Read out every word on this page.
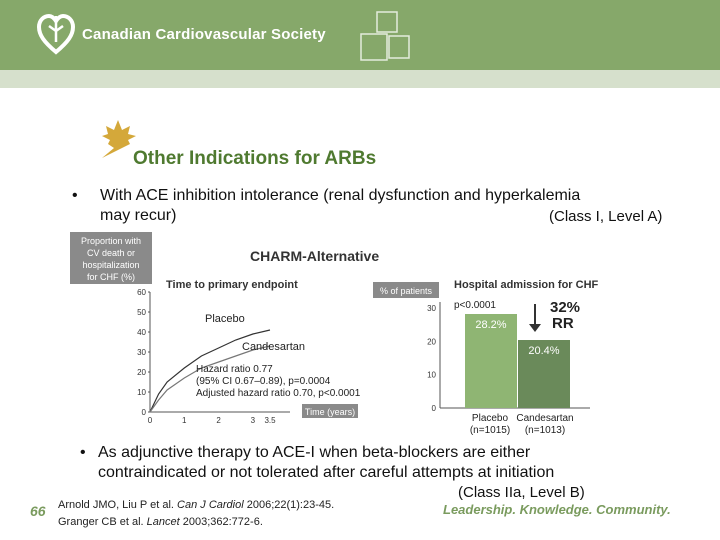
Canadian Cardiovascular Society
Other Indications for ARBs
• With ACE inhibition intolerance (renal dysfunction and hyperkalemia
may recur)	(Class I, Level A)
Proportion with
CV death or
hospitalization
for CHF (%)
Time to primary endpoint
0
10
20
30
40
50
60
0	1	2	3 3.5
Placebo
Candesartan
Hazard ratio 0.77
(95% CI 0.67–0.89), p=0.0004
Adjusted hazard ratio 0.70, p<0.0001
Time (years)
% of patients Hospital admission for CHF
0
10
20
30
28.2%
20.4%
p<0.0001	32%
RR
Placebo Candesartan
(n=1015) (n=1013)
CHARM-Alternative
• As adjunctive therapy to ACE-I when beta-blockers are either
contraindicated or not tolerated after careful attempts at initiation
(Class IIa, Level B)
66 Arnold JMO, Liu P et al. Can J Cardiol 2006;22(1):23-45.
Granger CB et al. Lancet 2003;362:772-6.
Leadership. Knowledge. Community.
